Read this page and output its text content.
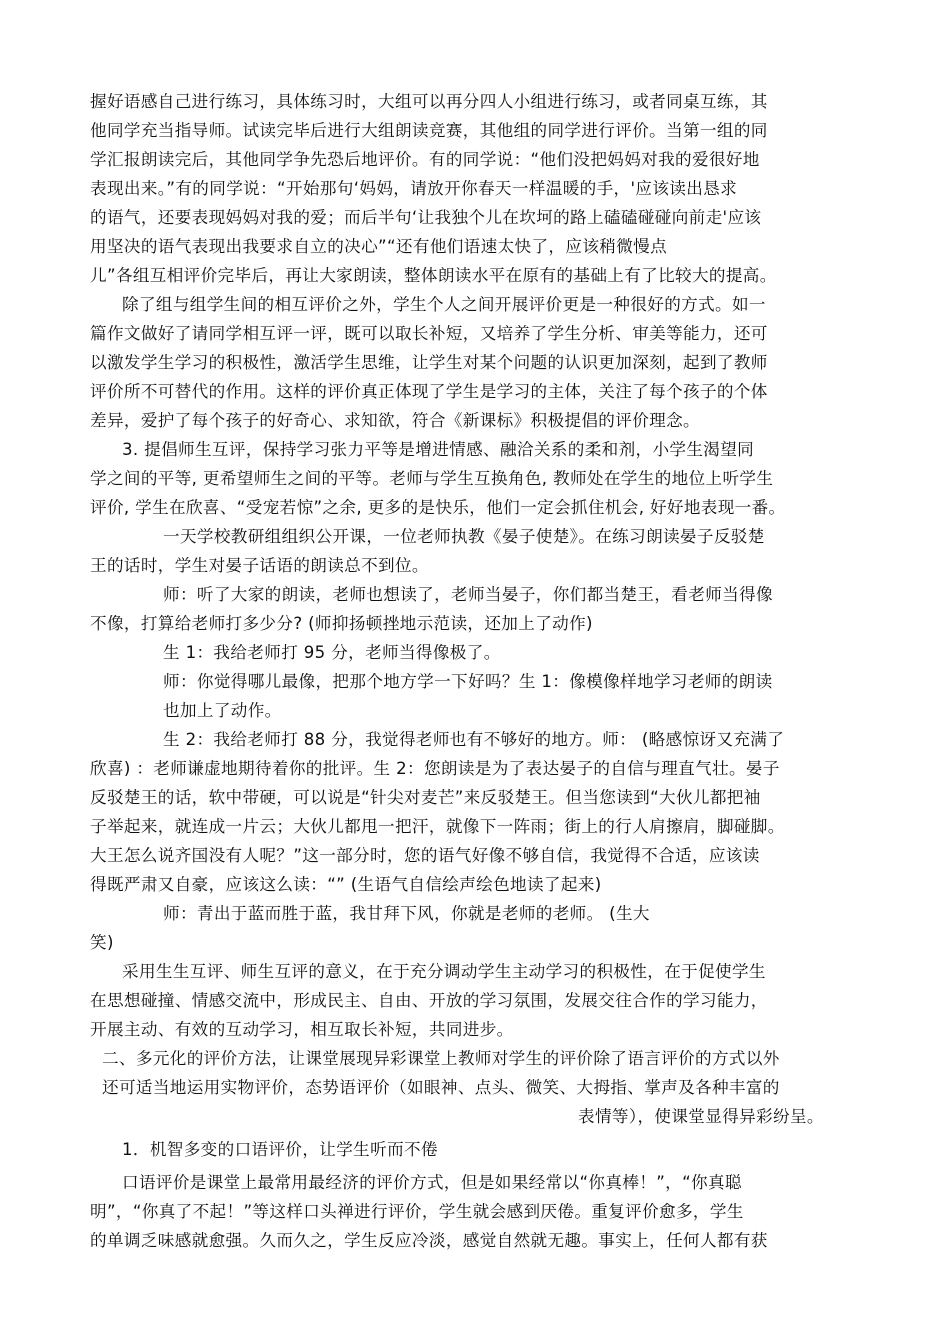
握好语感自己进行练习，具体练习时，大组可以再分四人小组进行练习，或者同桌互练，其
他同学充当指导师。试读完毕后进行大组朗读竞赛，其他组的同学进行评价。当第一组的同
学汇报朗读完后，其他同学争先恐后地评价。有的同学说：“他们没把妈妈对我的爱很好地
表现出来。”有的同学说：“开始那句‘妈妈，请放开你春天一样温暖的手，'应该读出恳求
的语气，还要表现妈妈对我的爱；而后半句‘让我独个儿在坎坷的路上磕磕碰碰向前走'应该
用坚决的语气表现出我要求自立的决心”“还有他们语速太快了，应该稍微慢点
儿”各组互相评价完毕后，再让大家朗读，整体朗读水平在原有的基础上有了比较大的提高。
除了组与组学生间的相互评价之外，学生个人之间开展评价更是一种很好的方式。如一
篇作文做好了请同学相互评一评，既可以取长补短，又培养了学生分析、审美等能力，还可
以激发学生学习的积极性，激活学生思维，让学生对某个问题的认识更加深刻，起到了教师
评价所不可替代的作用。这样的评价真正体现了学生是学习的主体，关注了每个孩子的个体
差异，爱护了每个孩子的好奇心、求知欲，符合《新课标》积极提倡的评价理念。
3. 提倡师生互评，保持学习张力平等是增进情感、融洽关系的柔和剂，小学生渴望同
学之间的平等, 更希望师生之间的平等。老师与学生互换角色, 教师处在学生的地位上听学生
评价, 学生在欣喜、“受宠若惊”之余, 更多的是快乐，他们一定会抓住机会, 好好地表现一番。
一天学校教研组组织公开课，一位老师执教《晏子使楚》。在练习朗读晏子反驳楚
王的话时，学生对晏子话语的朗读总不到位。
师：听了大家的朗读，老师也想读了，老师当晏子，你们都当楚王，看老师当得像
不像，打算给老师打多少分? (师抑扬顿挫地示范读，还加上了动作)
生 1：我给老师打 95 分，老师当得像极了。
师：你觉得哪儿最像，把那个地方学一下好吗？生 1：像模像样地学习老师的朗读
也加上了动作。
生 2：我给老师打 88 分，我觉得老师也有不够好的地方。师： (略感惊讶又充满了
欣喜) ：老师谦虚地期待着你的批评。生 2：您朗读是为了表达晏子的自信与理直气壮。晏子
反驳楚王的话，软中带硬，可以说是“针尖对麦芒”来反驳楚王。但当您读到“大伙儿都把袖
子举起来，就连成一片云；大伙儿都甩一把汗，就像下一阵雨；街上的行人肩擦肩，脚碰脚。
大王怎么说齐国没有人呢？”这一部分时，您的语气好像不够自信，我觉得不合适，应该读
得既严肃又自豪，应该这么读：“” (生语气自信绘声绘色地读了起来)
师：青出于蓝而胜于蓝，我甘拜下风，你就是老师的老师。 (生大
笑)
采用生生互评、师生互评的意义，在于充分调动学生主动学习的积极性，在于促使学生
在思想碰撞、情感交流中，形成民主、自由、开放的学习氛围，发展交往合作的学习能力，
开展主动、有效的互动学习，相互取长补短，共同进步。
二、多元化的评价方法，让课堂展现异彩课堂上教师对学生的评价除了语言评价的方式以外
还可适当地运用实物评价，态势语评价（如眼神、点头、微笑、大拇指、掌声及各种丰富的
表情等），使课堂显得异彩纷呈。
1．机智多变的口语评价，让学生听而不倦
口语评价是课堂上最常用最经济的评价方式，但是如果经常以“你真棒！”，“你真聪
明”，“你真了不起！”等这样口头禅进行评价，学生就会感到厌倦。重复评价愈多，学生
的单调乏味感就愈强。久而久之，学生反应冷淡，感觉自然就无趣。事实上，任何人都有获
